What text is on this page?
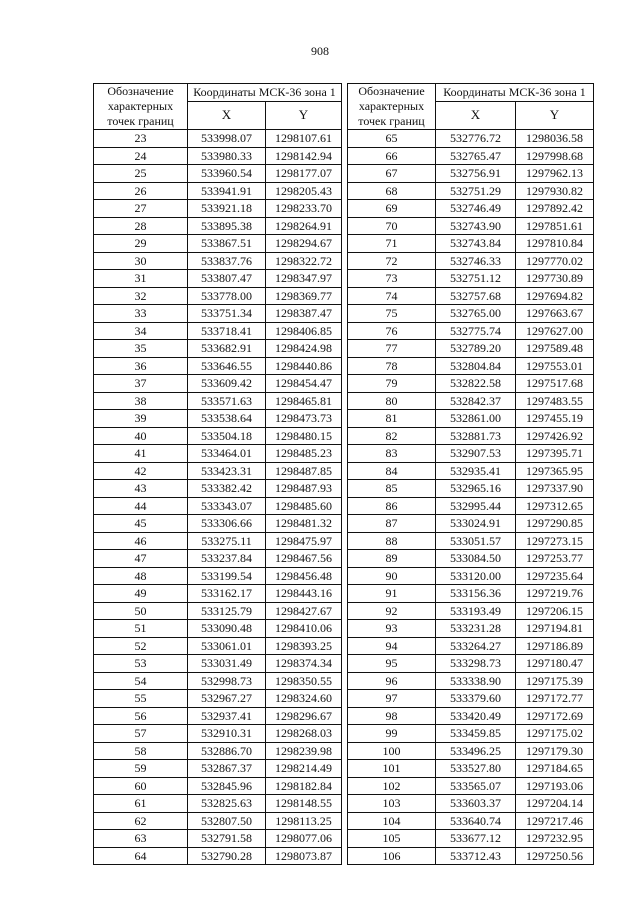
908
Обозначение характерных точек границ	Координаты МСК-36 зона 1	
	X	Y
23	533998.07	1298107.61
24	533980.33	1298142.94
25	533960.54	1298177.07
26	533941.91	1298205.43
27	533921.18	1298233.70
28	533895.38	1298264.91
29	533867.51	1298294.67
30	533837.76	1298322.72
31	533807.47	1298347.97
32	533778.00	1298369.77
33	533751.34	1298387.47
34	533718.41	1298406.85
35	533682.91	1298424.98
36	533646.55	1298440.86
37	533609.42	1298454.47
38	533571.63	1298465.81
39	533538.64	1298473.73
40	533504.18	1298480.15
41	533464.01	1298485.23
42	533423.31	1298487.85
43	533382.42	1298487.93
44	533343.07	1298485.60
45	533306.66	1298481.32
46	533275.11	1298475.97
47	533237.84	1298467.56
48	533199.54	1298456.48
49	533162.17	1298443.16
50	533125.79	1298427.67
51	533090.48	1298410.06
52	533061.01	1298393.25
53	533031.49	1298374.34
54	532998.73	1298350.55
55	532967.27	1298324.60
56	532937.41	1298296.67
57	532910.31	1298268.03
58	532886.70	1298239.98
59	532867.37	1298214.49
60	532845.96	1298182.84
61	532825.63	1298148.55
62	532807.50	1298113.25
63	532791.58	1298077.06
64	532790.28	1298073.87
Обозначение характерных точек границ	Координаты МСК-36 зона 1	
	X	Y
65	532776.72	1298036.58
66	532765.47	1297998.68
67	532756.91	1297962.13
68	532751.29	1297930.82
69	532746.49	1297892.42
70	532743.90	1297851.61
71	532743.84	1297810.84
72	532746.33	1297770.02
73	532751.12	1297730.89
74	532757.68	1297694.82
75	532765.00	1297663.67
76	532775.74	1297627.00
77	532789.20	1297589.48
78	532804.84	1297553.01
79	532822.58	1297517.68
80	532842.37	1297483.55
81	532861.00	1297455.19
82	532881.73	1297426.92
83	532907.53	1297395.71
84	532935.41	1297365.95
85	532965.16	1297337.90
86	532995.44	1297312.65
87	533024.91	1297290.85
88	533051.57	1297273.15
89	533084.50	1297253.77
90	533120.00	1297235.64
91	533156.36	1297219.76
92	533193.49	1297206.15
93	533231.28	1297194.81
94	533264.27	1297186.89
95	533298.73	1297180.47
96	533338.90	1297175.39
97	533379.60	1297172.77
98	533420.49	1297172.69
99	533459.85	1297175.02
100	533496.25	1297179.30
101	533527.80	1297184.65
102	533565.07	1297193.06
103	533603.37	1297204.14
104	533640.74	1297217.46
105	533677.12	1297232.95
106	533712.43	1297250.56
